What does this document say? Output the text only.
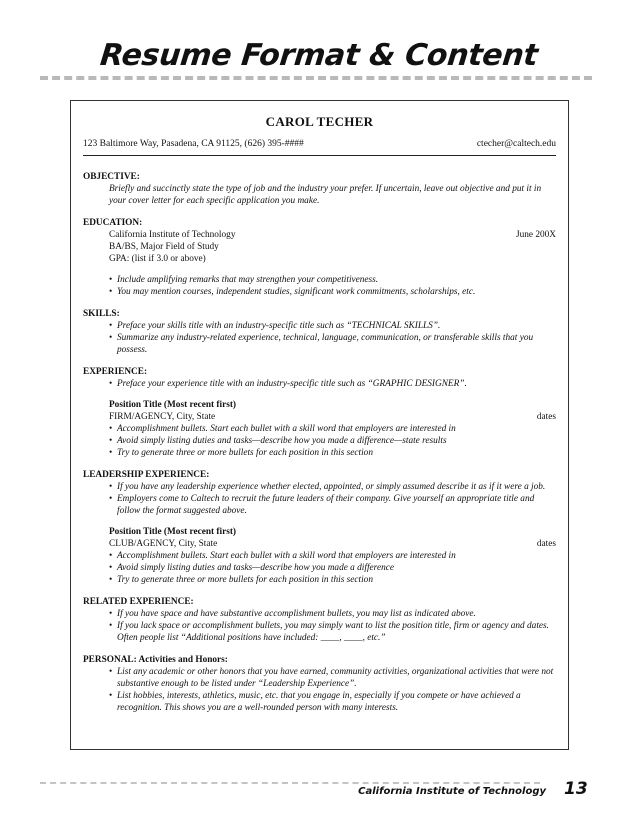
Resume Format & Content
CAROL TECHER
123 Baltimore Way, Pasadena, CA 91125, (626) 395-####	ctecher@caltech.edu
OBJECTIVE:
Briefly and succinctly state the type of job and the industry your prefer. If uncertain, leave out objective and put it in your cover letter for each specific application you make.
EDUCATION:
California Institute of Technology	June 200X
BA/BS, Major Field of Study
GPA: (list if 3.0 or above)
• Include amplifying remarks that may strengthen your competitiveness.
• You may mention courses, independent studies, significant work commitments, scholarships, etc.
SKILLS:
• Preface your skills title with an industry-specific title such as “TECHNICAL SKILLS”.
• Summarize any industry-related experience, technical, language, communication, or transferable skills that you possess.
EXPERIENCE:
• Preface your experience title with an industry-specific title such as “GRAPHIC DESIGNER”.
Position Title (Most recent first)
FIRM/AGENCY, City, State	dates
• Accomplishment bullets. Start each bullet with a skill word that employers are interested in
• Avoid simply listing duties and tasks—describe how you made a difference—state results
• Try to generate three or more bullets for each position in this section
LEADERSHIP EXPERIENCE:
• If you have any leadership experience whether elected, appointed, or simply assumed describe it as if it were a job.
• Employers come to Caltech to recruit the future leaders of their company. Give yourself an appropriate title and follow the format suggested above.
Position Title (Most recent first)
CLUB/AGENCY, City, State	dates
• Accomplishment bullets. Start each bullet with a skill word that employers are interested in
• Avoid simply listing duties and tasks—describe how you made a difference
• Try to generate three or more bullets for each position in this section
RELATED EXPERIENCE:
• If you have space and have substantive accomplishment bullets, you may list as indicated above.
• If you lack space or accomplishment bullets, you may simply want to list the position title, firm or agency and dates. Often people list “Additional positions have included: ____, ____, etc.”
PERSONAL: Activities and Honors:
• List any academic or other honors that you have earned, community activities, organizational activities that were not substantive enough to be listed under “Leadership Experience”.
• List hobbies, interests, athletics, music, etc. that you engage in, especially if you compete or have achieved a recognition. This shows you are a well-rounded person with many interests.
California Institute of Technology 13
